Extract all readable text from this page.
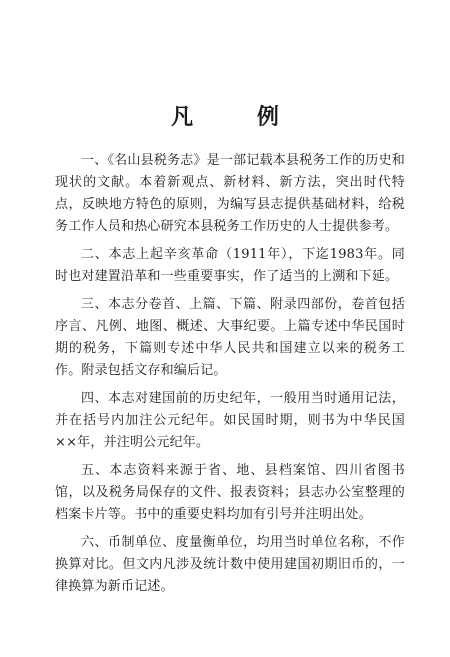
凡 例

一、《名山县税务志》是一部记载本县税务工作的历史和现状的文献。本着新观点、新材料、新方法，突出时代特点，反映地方特色的原则，为编写县志提供基础材料，给税务工作人员和热心研究本县税务工作历史的人士提供参考。

二、本志上起辛亥革命（1911年），下迄1983年。同时也对建置沿革和一些重要事实，作了适当的上溯和下延。

三、本志分卷首、上篇、下篇、附录四部份，卷首包括序言、凡例、地图、概述、大事纪要。上篇专述中华民国时期的税务，下篇则专述中华人民共和国建立以来的税务工作。附录包括文存和编后记。

四、本志对建国前的历史纪年，一般用当时通用记法，并在括号内加注公元纪年。如民国时期，则书为中华民国××年，并注明公元纪年。

五、本志资料来源于省、地、县档案馆、四川省图书馆，以及税务局保存的文件、报表资料；县志办公室整理的档案卡片等。书中的重要史料均加有引号并注明出处。

六、币制单位、度量衡单位，均用当时单位名称，不作换算对比。但文内凡涉及统计数中使用建国初期旧币的，一律换算为新币记述。
